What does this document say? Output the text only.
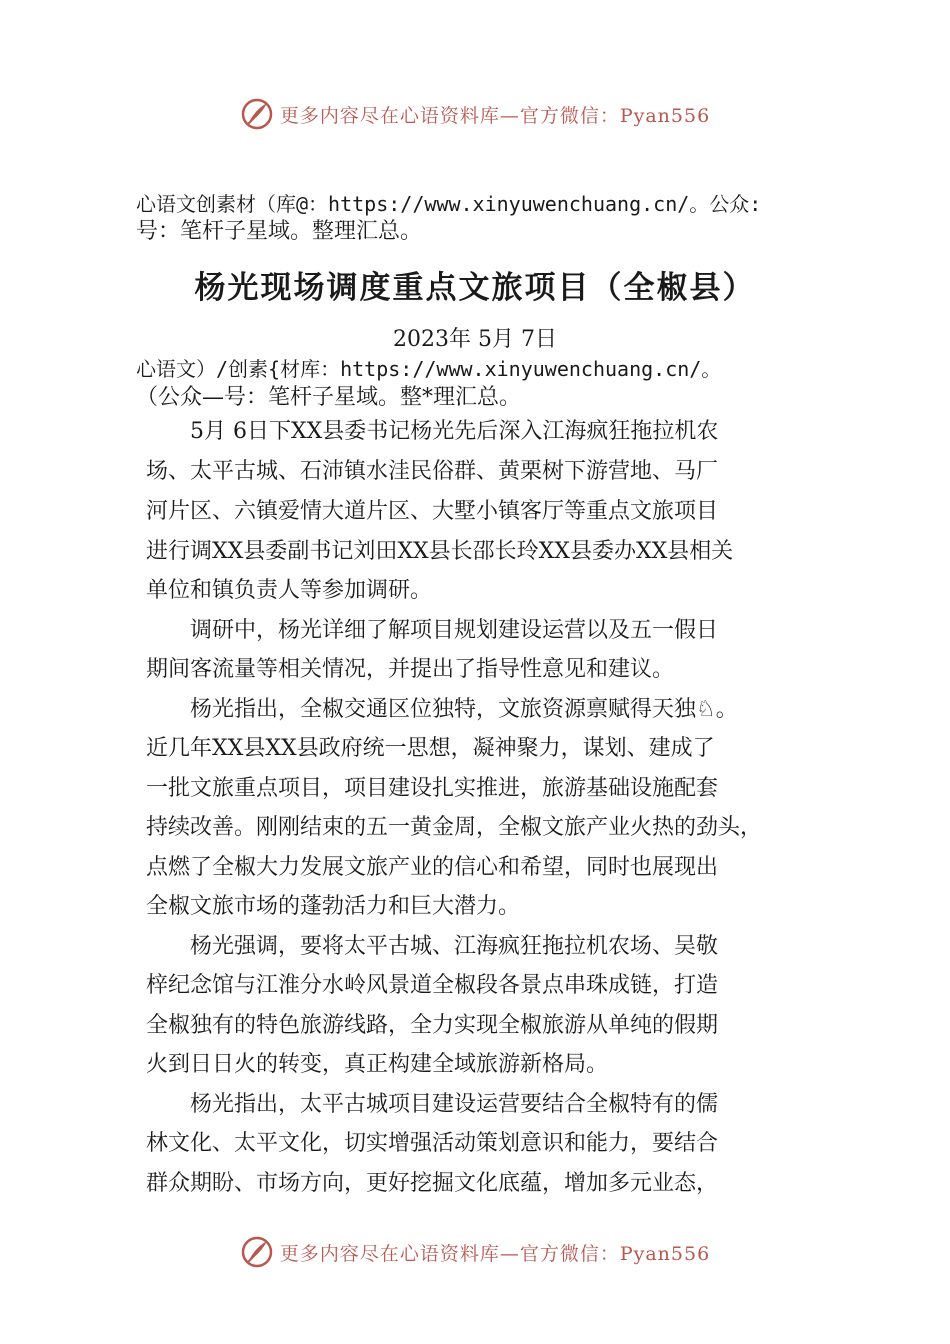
更多内容尽在心语资料库—官方微信：Pyan556
心语文创素材（库@：https://www.xinyuwenchuang.cn/。公众:
号：笔杆子星域。整理汇总。
杨光现场调度重点文旅项目（全椒县）
2023年 5月 7日
心语文）/创素{材库：https://www.xinyuwenchuang.cn/。
（公众—号：笔杆子星域。整*理汇总。
　　5月 6日下XX县委书记杨光先后深入江海疯狂拖拉机农
场、太平古城、石沛镇水洼民俗群、黄栗树下游营地、马厂
河片区、六镇爱情大道片区、大墅小镇客厅等重点文旅项目
进行调XX县委副书记刘田XX县长邵长玲XX县委办XX县相关
单位和镇负责人等参加调研。
　　调研中，杨光详细了解项目规划建设运营以及五一假日
期间客流量等相关情况，并提出了指导性意见和建议。
　　杨光指出，全椒交通区位独特，文旅资源禀赋得天独♘。
近几年XX县XX县政府统一思想，凝神聚力，谋划、建成了
一批文旅重点项目，项目建设扎实推进，旅游基础设施配套
持续改善。刚刚结束的五一黄金周，全椒文旅产业火热的劲头，
点燃了全椒大力发展文旅产业的信心和希望，同时也展现出
全椒文旅市场的蓬勃活力和巨大潜力。
　　杨光强调，要将太平古城、江海疯狂拖拉机农场、吴敬
梓纪念馆与江淮分水岭风景道全椒段各景点串珠成链，打造
全椒独有的特色旅游线路，全力实现全椒旅游从单纯的假期
火到日日火的转变，真正构建全域旅游新格局。
　　杨光指出，太平古城项目建设运营要结合全椒特有的儒
林文化、太平文化，切实增强活动策划意识和能力，要结合
群众期盼、市场方向，更好挖掘文化底蕴，增加多元业态，
更多内容尽在心语资料库—官方微信：Pyan556
